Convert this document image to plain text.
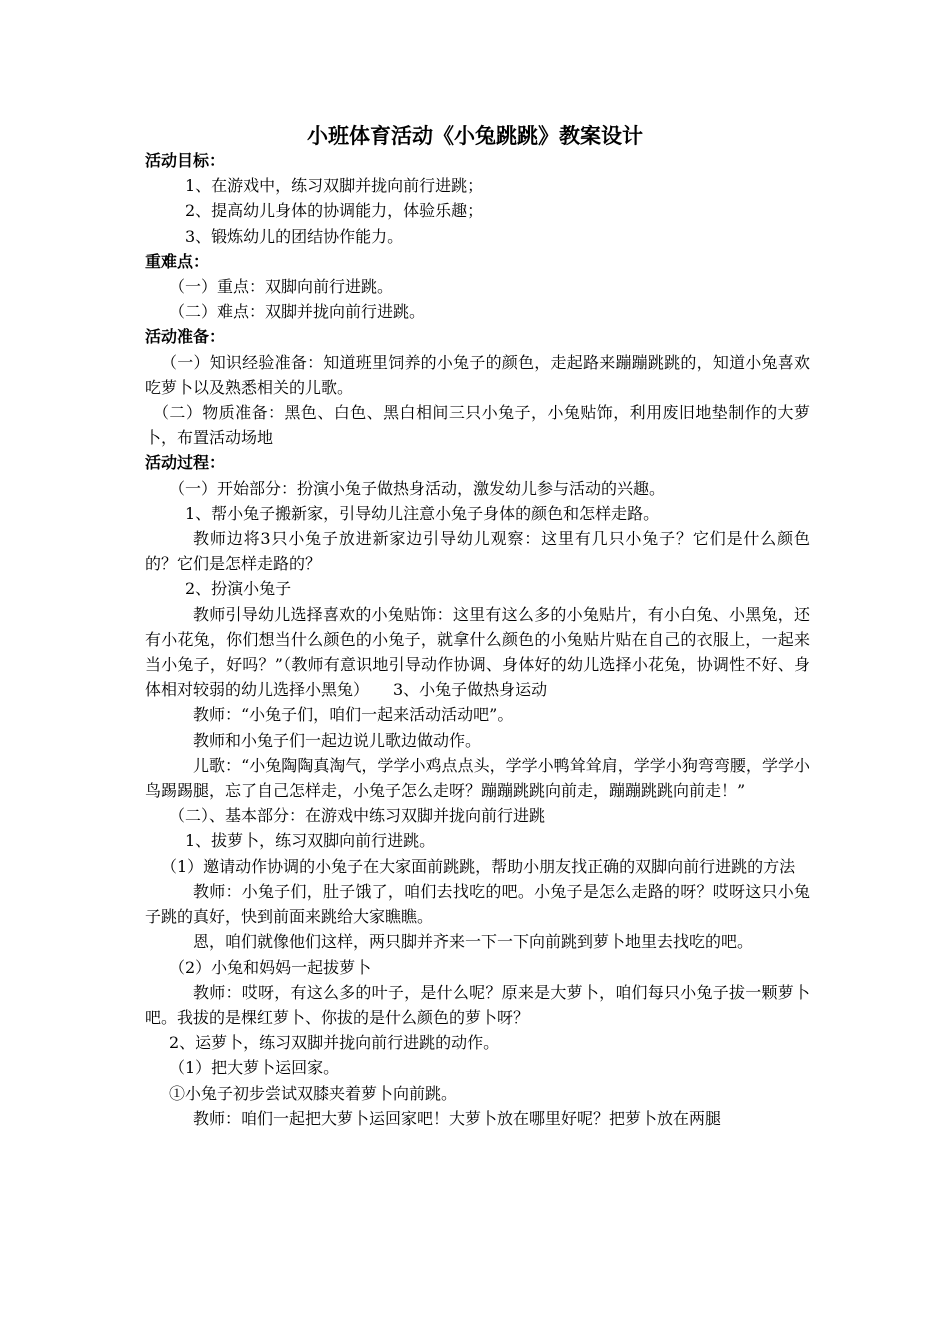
小班体育活动《小兔跳跳》教案设计

活动目标：

1、在游戏中，练习双脚并拢向前行进跳；

2、提高幼儿身体的协调能力，体验乐趣；

3、锻炼幼儿的团结协作能力。

重难点：

（一）重点：双脚向前行进跳。

（二）难点：双脚并拢向前行进跳。

活动准备：

（一）知识经验准备：知道班里饲养的小兔子的颜色，走起路来蹦蹦跳跳的，知道小兔喜欢吃萝卜以及熟悉相关的儿歌。

（二）物质准备：黑色、白色、黑白相间三只小兔子，小兔贴饰，利用废旧地垫制作的大萝卜，布置活动场地

活动过程：

（一）开始部分：扮演小兔子做热身活动，激发幼儿参与活动的兴趣。

1、帮小兔子搬新家，引导幼儿注意小兔子身体的颜色和怎样走路。

教师边将3只小兔子放进新家边引导幼儿观察：这里有几只小兔子？它们是什么颜色的？它们是怎样走路的？

2、扮演小兔子

教师引导幼儿选择喜欢的小兔贴饰：这里有这么多的小兔贴片，有小白兔、小黑兔，还有小花兔，你们想当什么颜色的小兔子，就拿什么颜色的小兔贴片贴在自己的衣服上，一起来当小兔子，好吗？”（教师有意识地引导动作协调、身体好的幼儿选择小花兔，协调性不好、身体相对较弱的幼儿选择小黑兔）　　3、小兔子做热身运动

教师：“小兔子们，咱们一起来活动活动吧”。

教师和小兔子们一起边说儿歌边做动作。

儿歌：“小兔陶陶真淘气，学学小鸡点点头，学学小鸭耸耸肩，学学小狗弯弯腰，学学小鸟踢踢腿，忘了自己怎样走，小兔子怎么走呀？蹦蹦跳跳向前走，蹦蹦跳跳向前走！”

（二）、基本部分：在游戏中练习双脚并拢向前行进跳

1、拔萝卜，练习双脚向前行进跳。

（1）邀请动作协调的小兔子在大家面前跳跳，帮助小朋友找正确的双脚向前行进跳的方法

教师：小兔子们，肚子饿了，咱们去找吃的吧。小兔子是怎么走路的呀？哎呀这只小兔子跳的真好，快到前面来跳给大家瞧瞧。

恩，咱们就像他们这样，两只脚并齐来一下一下向前跳到萝卜地里去找吃的吧。

（2）小兔和妈妈一起拔萝卜

教师：哎呀，有这么多的叶子，是什么呢？原来是大萝卜，咱们每只小兔子拔一颗萝卜吧。我拔的是棵红萝卜、你拔的是什么颜色的萝卜呀？

2、运萝卜，练习双脚并拢向前行进跳的动作。

（1）把大萝卜运回家。

①小兔子初步尝试双膝夹着萝卜向前跳。

教师：咱们一起把大萝卜运回家吧！大萝卜放在哪里好呢？把萝卜放在两腿
